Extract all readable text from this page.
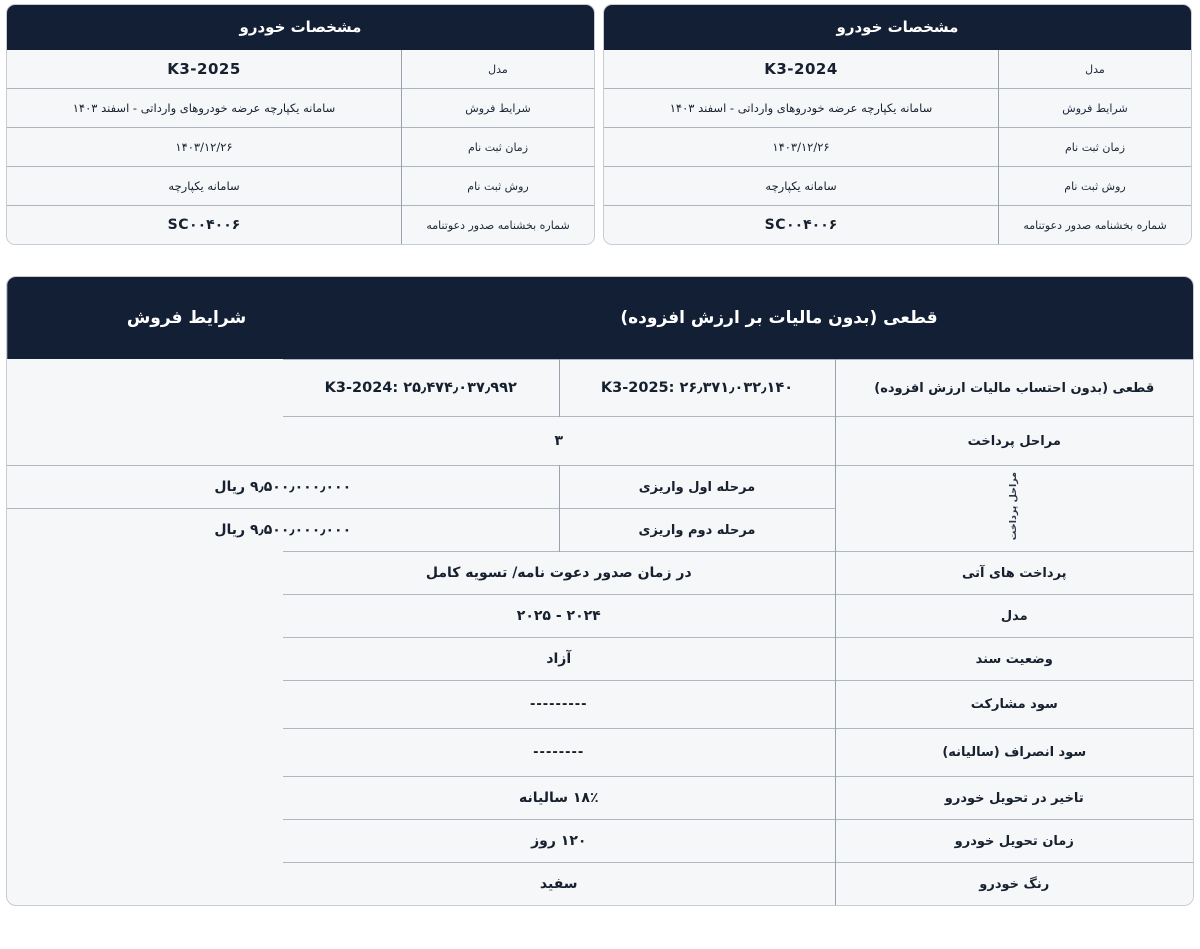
مشخصات خودرو
مدل	K3-2025
شرایط فروش	سامانه یکپارچه عرضه خودروهای وارداتی - اسفند ۱۴۰۳
زمان ثبت نام	۱۴۰۳/۱۲/۲۶
روش ثبت نام	سامانه یکپارچه
شماره بخشنامه صدور دعوتنامه	SC۰۰۴۰۰۶
مشخصات خودرو
مدل	K3-2024
شرایط فروش	سامانه یکپارچه عرضه خودروهای وارداتی - اسفند ۱۴۰۳
زمان ثبت نام	۱۴۰۳/۱۲/۲۶
روش ثبت نام	سامانه یکپارچه
شماره بخشنامه صدور دعوتنامه	SC۰۰۴۰۰۶
شرایط فروش	قطعی (بدون مالیات بر ارزش افزوده)
قطعی (بدون احتساب مالیات ارزش افزوده)	K3-2025: ۲۶٫۳۷۱٫۰۳۲٫۱۴۰	K3-2024: ۲۵٫۴۷۴٫۰۳۷٫۹۹۲
مراحل پرداخت	۳	
مراحل پرداخت	مرحله اول واریزی	۹٫۵۰۰٫۰۰۰٫۰۰۰ ریال
	مرحله دوم واریزی	۹٫۵۰۰٫۰۰۰٫۰۰۰ ریال
پرداخت های آتی	در زمان صدور دعوت نامه/ تسویه کامل	
مدل	۲۰۲۴ - ۲۰۲۵	
وضعیت سند	آزاد	
سود مشارکت	---------	
سود انصراف (سالیانه)	--------	
تاخیر در تحویل خودرو	۱۸٪ سالیانه	
زمان تحویل خودرو	۱۲۰ روز	
رنگ خودرو	سفید	
